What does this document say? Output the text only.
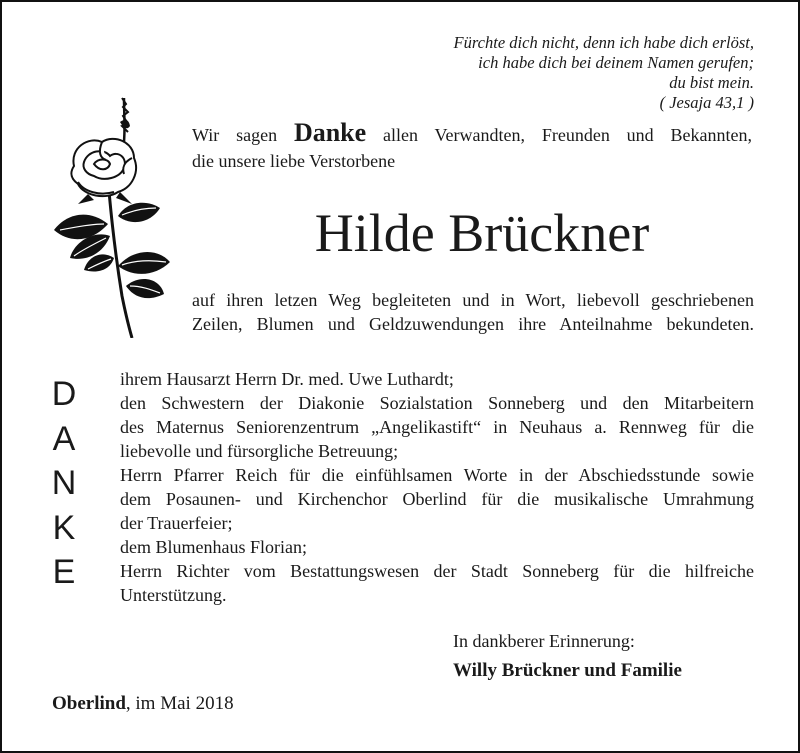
Fürchte dich nicht, denn ich habe dich erlöst,
ich habe dich bei deinem Namen gerufen;
du bist mein.
( Jesaja 43,1 )
Wir sagen Danke allen Verwandten, Freunden und Bekannten,
die unsere liebe Verstorbene
Hilde Brückner
auf ihren letzen Weg begleiteten und in Wort, liebevoll geschriebenen
Zeilen, Blumen und Geldzuwendungen ihre Anteilnahme bekundeten.
D
A
N
K
E
ihrem Hausarzt Herrn Dr. med. Uwe Luthardt;
den Schwestern der Diakonie Sozialstation Sonneberg und den Mitarbeitern
des Maternus Seniorenzentrum „Angelikastift“ in Neuhaus a. Rennweg für die
liebevolle und fürsorgliche Betreuung;
Herrn Pfarrer Reich für die einfühlsamen Worte in der Abschiedsstunde sowie
dem Posaunen- und Kirchenchor Oberlind für die musikalische Umrahmung
der Trauerfeier;
dem Blumenhaus Florian;
Herrn Richter vom Bestattungswesen der Stadt Sonneberg für die hilfreiche
Unterstützung.
In dankberer Erinnerung:
Willy Brückner und Familie
Oberlind, im Mai 2018
